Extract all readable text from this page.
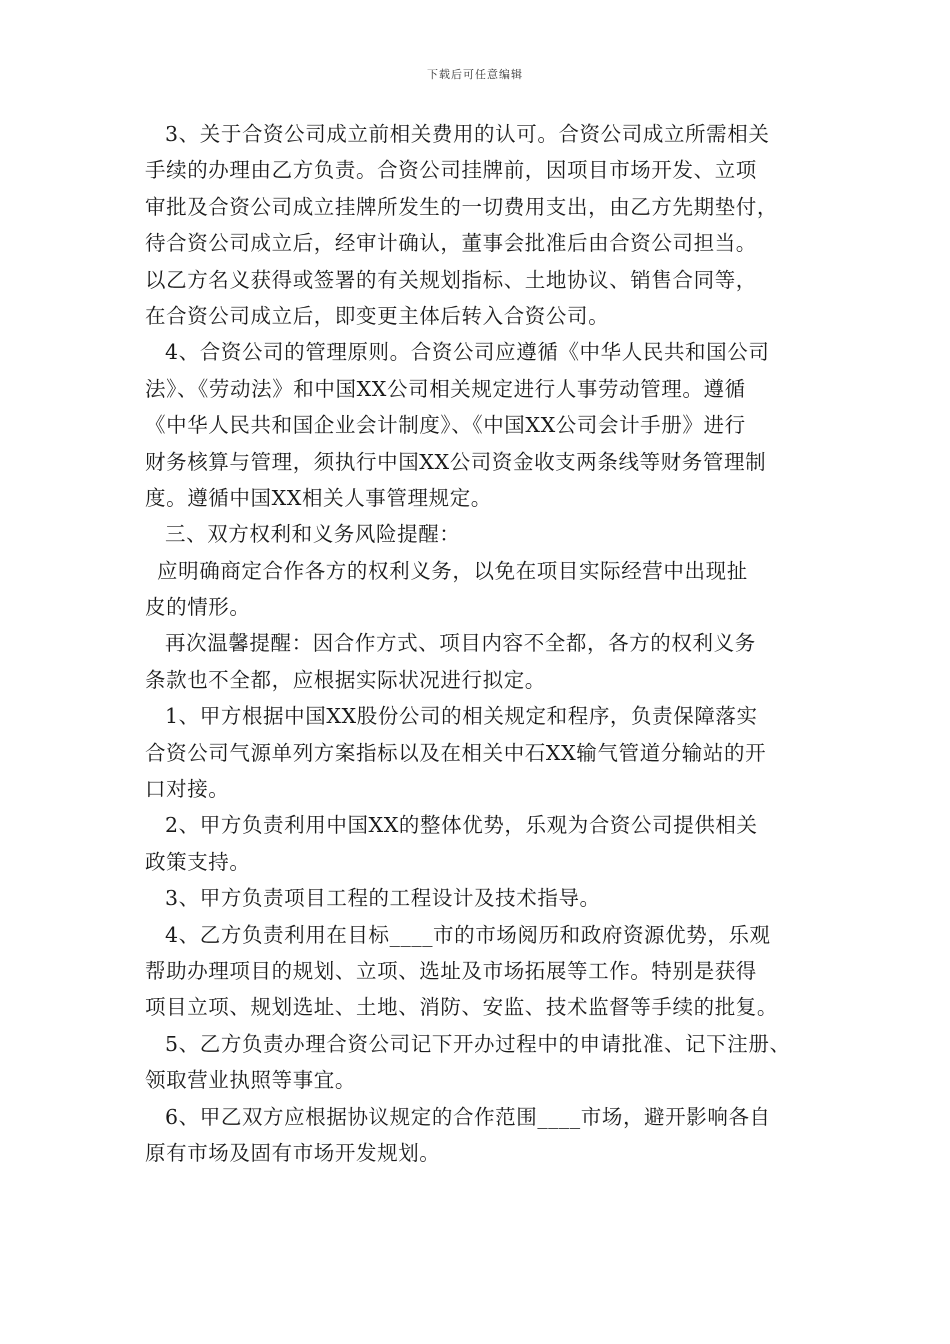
下载后可任意编辑
3、关于合资公司成立前相关费用的认可。合资公司成立所需相关
手续的办理由乙方负责。合资公司挂牌前，因项目市场开发、立项
审批及合资公司成立挂牌所发生的一切费用支出，由乙方先期垫付，
待合资公司成立后，经审计确认，董事会批准后由合资公司担当。
以乙方名义获得或签署的有关规划指标、土地协议、销售合同等，
在合资公司成立后，即变更主体后转入合资公司。
4、合资公司的管理原则。合资公司应遵循《中华人民共和国公司
法》、《劳动法》和中国XX公司相关规定进行人事劳动管理。遵循
《中华人民共和国企业会计制度》、《中国XX公司会计手册》进行
财务核算与管理，须执行中国XX公司资金收支两条线等财务管理制
度。遵循中国XX相关人事管理规定。
三、双方权利和义务风险提醒：
应明确商定合作各方的权利义务，以免在项目实际经营中出现扯
皮的情形。
再次温馨提醒：因合作方式、项目内容不全都，各方的权利义务
条款也不全都，应根据实际状况进行拟定。
1、甲方根据中国XX股份公司的相关规定和程序，负责保障落实
合资公司气源单列方案指标以及在相关中石XX输气管道分输站的开
口对接。
2、甲方负责利用中国XX的整体优势，乐观为合资公司提供相关
政策支持。
3、甲方负责项目工程的工程设计及技术指导。
4、乙方负责利用在目标____市的市场阅历和政府资源优势，乐观
帮助办理项目的规划、立项、选址及市场拓展等工作。特别是获得
项目立项、规划选址、土地、消防、安监、技术监督等手续的批复。
5、乙方负责办理合资公司记下开办过程中的申请批准、记下注册、
领取营业执照等事宜。
6、甲乙双方应根据协议规定的合作范围____市场，避开影响各自
原有市场及固有市场开发规划。
